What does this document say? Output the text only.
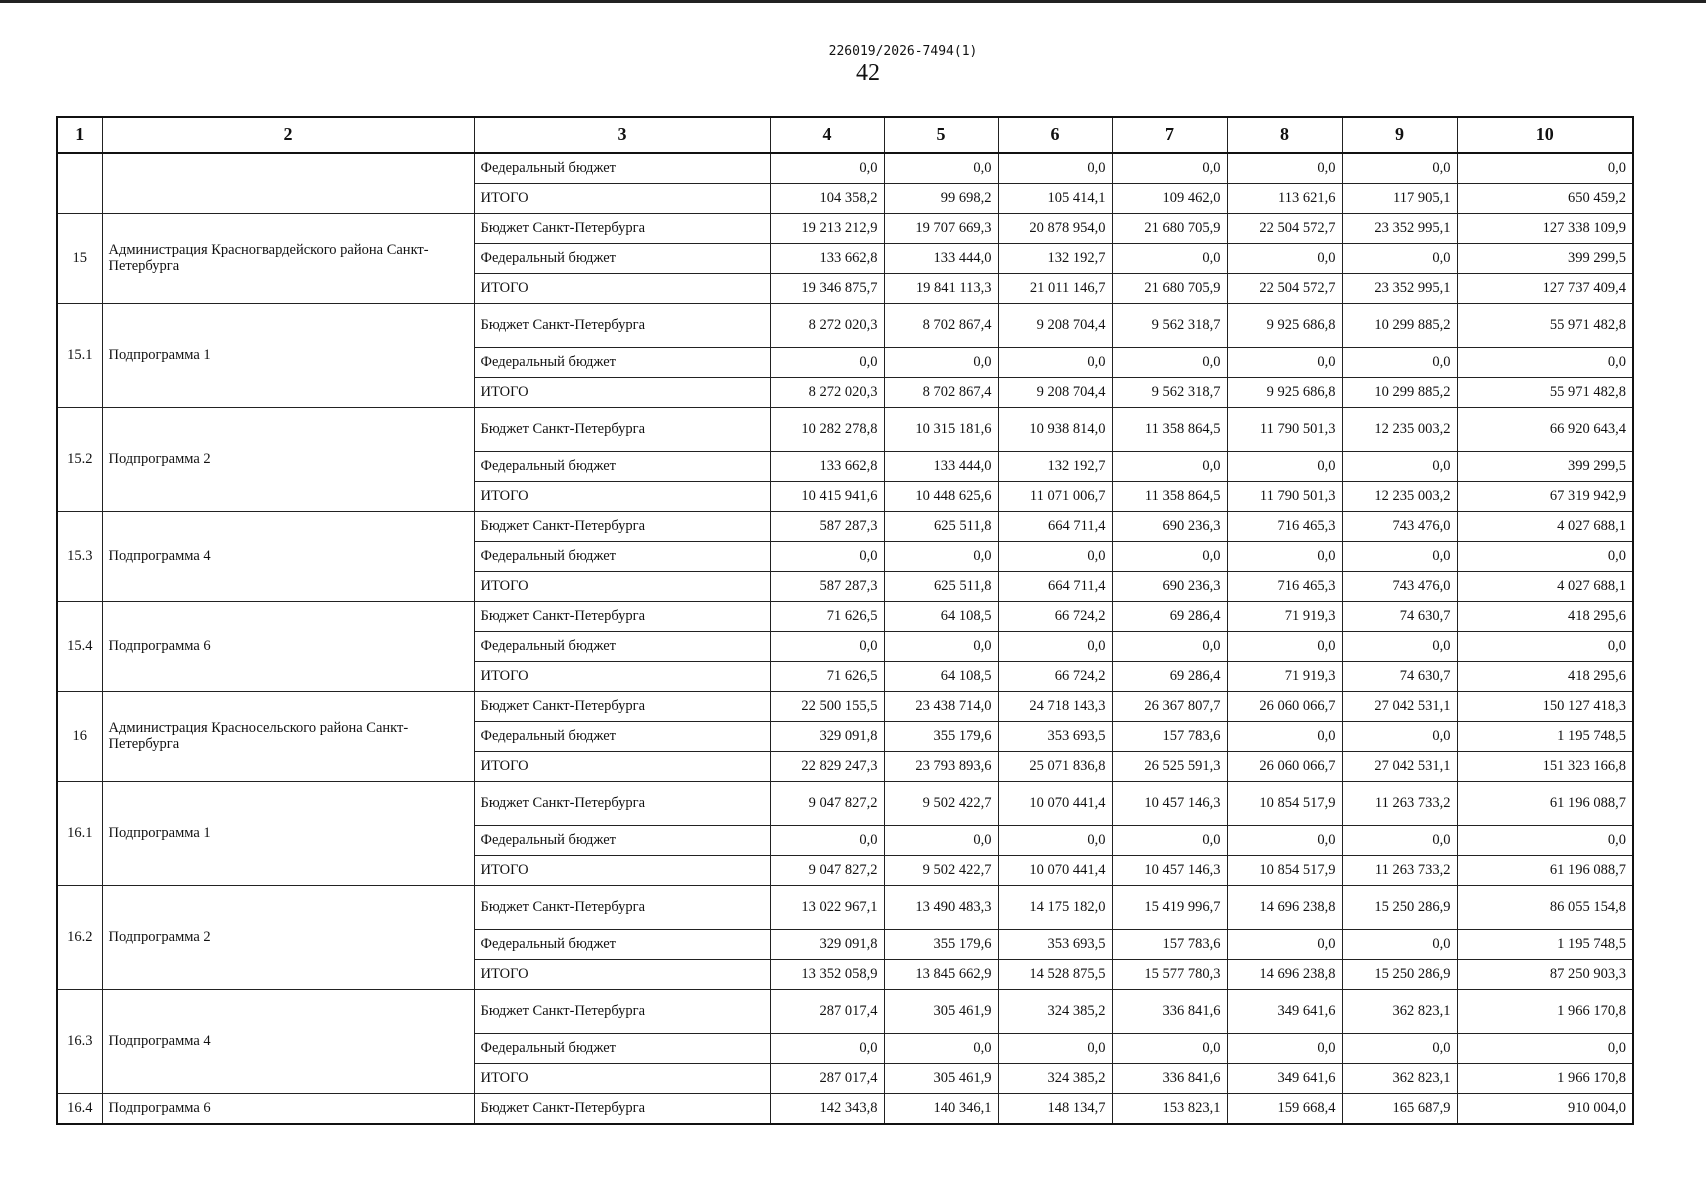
226019/2026-7494(1)
42
1	2	3	4	5	6	7	8	9	10
		Федеральный бюджет	0,0	0,0	0,0	0,0	0,0	0,0	0,0
		ИТОГО	104 358,2	99 698,2	105 414,1	109 462,0	113 621,6	117 905,1	650 459,2
15	Администрация Красногвардейского района Санкт-Петербурга	Бюджет Санкт-Петербурга	19 213 212,9	19 707 669,3	20 878 954,0	21 680 705,9	22 504 572,7	23 352 995,1	127 338 109,9
		Федеральный бюджет	133 662,8	133 444,0	132 192,7	0,0	0,0	0,0	399 299,5
		ИТОГО	19 346 875,7	19 841 113,3	21 011 146,7	21 680 705,9	22 504 572,7	23 352 995,1	127 737 409,4
15.1	Подпрограмма 1	Бюджет Санкт-Петербурга	8 272 020,3	8 702 867,4	9 208 704,4	9 562 318,7	9 925 686,8	10 299 885,2	55 971 482,8
		Федеральный бюджет	0,0	0,0	0,0	0,0	0,0	0,0	0,0
		ИТОГО	8 272 020,3	8 702 867,4	9 208 704,4	9 562 318,7	9 925 686,8	10 299 885,2	55 971 482,8
15.2	Подпрограмма 2	Бюджет Санкт-Петербурга	10 282 278,8	10 315 181,6	10 938 814,0	11 358 864,5	11 790 501,3	12 235 003,2	66 920 643,4
		Федеральный бюджет	133 662,8	133 444,0	132 192,7	0,0	0,0	0,0	399 299,5
		ИТОГО	10 415 941,6	10 448 625,6	11 071 006,7	11 358 864,5	11 790 501,3	12 235 003,2	67 319 942,9
15.3	Подпрограмма 4	Бюджет Санкт-Петербурга	587 287,3	625 511,8	664 711,4	690 236,3	716 465,3	743 476,0	4 027 688,1
		Федеральный бюджет	0,0	0,0	0,0	0,0	0,0	0,0	0,0
		ИТОГО	587 287,3	625 511,8	664 711,4	690 236,3	716 465,3	743 476,0	4 027 688,1
15.4	Подпрограмма 6	Бюджет Санкт-Петербурга	71 626,5	64 108,5	66 724,2	69 286,4	71 919,3	74 630,7	418 295,6
		Федеральный бюджет	0,0	0,0	0,0	0,0	0,0	0,0	0,0
		ИТОГО	71 626,5	64 108,5	66 724,2	69 286,4	71 919,3	74 630,7	418 295,6
16	Администрация Красносельского района Санкт-Петербурга	Бюджет Санкт-Петербурга	22 500 155,5	23 438 714,0	24 718 143,3	26 367 807,7	26 060 066,7	27 042 531,1	150 127 418,3
		Федеральный бюджет	329 091,8	355 179,6	353 693,5	157 783,6	0,0	0,0	1 195 748,5
		ИТОГО	22 829 247,3	23 793 893,6	25 071 836,8	26 525 591,3	26 060 066,7	27 042 531,1	151 323 166,8
16.1	Подпрограмма 1	Бюджет Санкт-Петербурга	9 047 827,2	9 502 422,7	10 070 441,4	10 457 146,3	10 854 517,9	11 263 733,2	61 196 088,7
		Федеральный бюджет	0,0	0,0	0,0	0,0	0,0	0,0	0,0
		ИТОГО	9 047 827,2	9 502 422,7	10 070 441,4	10 457 146,3	10 854 517,9	11 263 733,2	61 196 088,7
16.2	Подпрограмма 2	Бюджет Санкт-Петербурга	13 022 967,1	13 490 483,3	14 175 182,0	15 419 996,7	14 696 238,8	15 250 286,9	86 055 154,8
		Федеральный бюджет	329 091,8	355 179,6	353 693,5	157 783,6	0,0	0,0	1 195 748,5
		ИТОГО	13 352 058,9	13 845 662,9	14 528 875,5	15 577 780,3	14 696 238,8	15 250 286,9	87 250 903,3
16.3	Подпрограмма 4	Бюджет Санкт-Петербурга	287 017,4	305 461,9	324 385,2	336 841,6	349 641,6	362 823,1	1 966 170,8
		Федеральный бюджет	0,0	0,0	0,0	0,0	0,0	0,0	0,0
		ИТОГО	287 017,4	305 461,9	324 385,2	336 841,6	349 641,6	362 823,1	1 966 170,8
16.4	Подпрограмма 6	Бюджет Санкт-Петербурга	142 343,8	140 346,1	148 134,7	153 823,1	159 668,4	165 687,9	910 004,0
